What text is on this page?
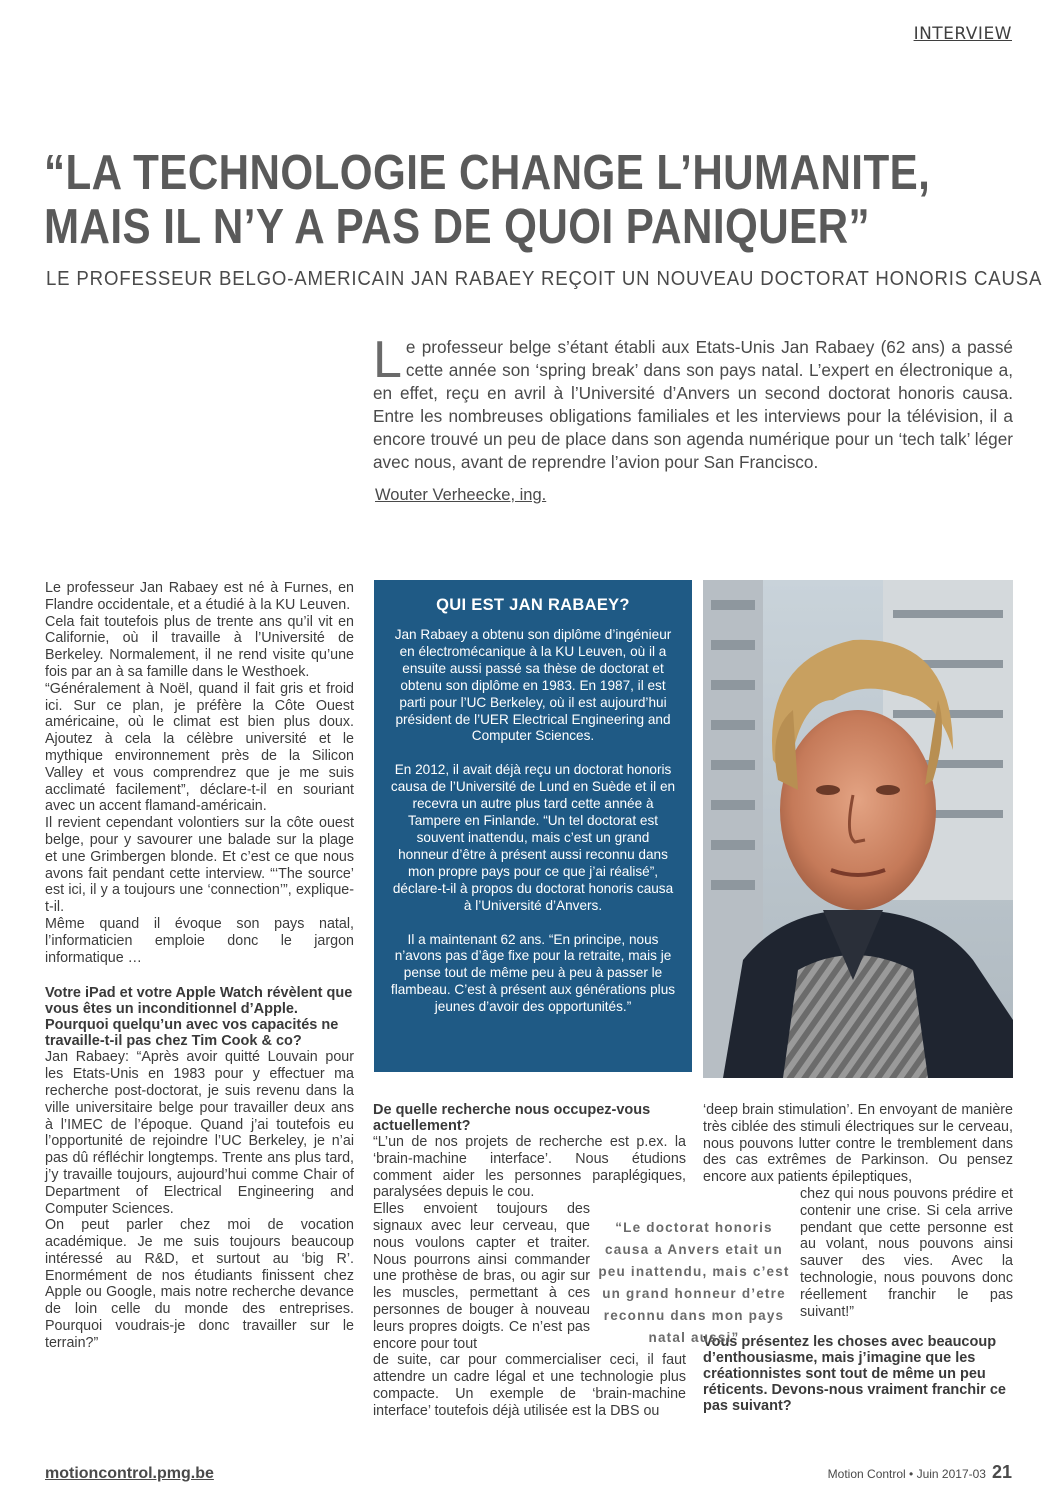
INTERVIEW
“LA TECHNOLOGIE CHANGE L’HUMANITE,
MAIS IL N’Y A PAS DE QUOI PANIQUER”
LE PROFESSEUR BELGO-AMERICAIN JAN RABAEY REÇOIT UN NOUVEAU DOCTORAT HONORIS CAUSA
Le professeur belge s’étant établi aux Etats-Unis Jan Rabaey (62 ans) a passé cette année son ‘spring break’ dans son pays natal. L’expert en électronique a, en effet, reçu en avril à l’Université d’Anvers un second doctorat honoris causa. Entre les nombreuses obligations familiales et les interviews pour la télévision, il a encore trouvé un peu de place dans son agenda numérique pour un ‘tech talk’ léger avec nous, avant de reprendre l’avion pour San Francisco.
Wouter Verheecke, ing.

Le professeur Jan Rabaey est né à Furnes, en Flandre occidentale, et a étudié à la KU Leuven.

Cela fait toutefois plus de trente ans qu’il vit en Californie, où il travaille à l’Université de Berkeley. Normalement, il ne rend visite qu’une fois par an à sa famille dans le Westhoek.

“Généralement à Noël, quand il fait gris et froid ici. Sur ce plan, je préfère la Côte Ouest américaine, où le climat est bien plus doux. Ajoutez à cela la célèbre université et le mythique environnement près de la Silicon Valley et vous comprendrez que je me suis acclimaté facilement”, déclare-t-il en souriant avec un accent flamand-américain.

Il revient cependant volontiers sur la côte ouest belge, pour y savourer une balade sur la plage et une Grimbergen blonde. Et c’est ce que nous avons fait pendant cette interview. “‘The source’ est ici, il y a toujours une ‘connection’”, explique-t-il.

Même quand il évoque son pays natal, l’informaticien emploie donc le jargon informatique …

Votre iPad et votre Apple Watch révèlent que vous êtes un inconditionnel d’Apple. Pourquoi quelqu’un avec vos capacités ne travaille-t-il pas chez Tim Cook & co?

Jan Rabaey: “Après avoir quitté Louvain pour les Etats-Unis en 1983 pour y effectuer ma recherche post-doctorat, je suis revenu dans la ville universitaire belge pour travailler deux ans à l’IMEC de l’époque. Quand j’ai toutefois eu l’opportunité de rejoindre l’UC Berkeley, je n’ai pas dû réfléchir longtemps. Trente ans plus tard, j’y travaille toujours, aujourd’hui comme Chair of Department of Electrical Engineering and Computer Sciences.

On peut parler chez moi de vocation académique. Je me suis toujours beaucoup intéressé au R&D, et surtout au ‘big R’. Enormément de nos étudiants finissent chez Apple ou Google, mais notre recherche devance de loin celle du monde des entreprises. Pourquoi voudrais-je donc travailler sur le terrain?”

QUI EST JAN RABAEY?

Jan Rabaey a obtenu son diplôme d’ingénieur en électromécanique à la KU Leuven, où il a ensuite aussi passé sa thèse de doctorat et obtenu son diplôme en 1983. En 1987, il est parti pour l’UC Berkeley, où il est aujourd’hui président de l’UER Electrical Engineering and Computer Sciences.

En 2012, il avait déjà reçu un doctorat honoris causa de l’Université de Lund en Suède et il en recevra un autre plus tard cette année à Tampere en Finlande. “Un tel doctorat est souvent inattendu, mais c’est un grand honneur d’être à présent aussi reconnu dans mon propre pays pour ce que j’ai réalisé”, déclare-t-il à propos du doctorat honoris causa à l’Université d’Anvers.

Il a maintenant 62 ans. “En principe, nous n’avons pas d’âge fixe pour la retraite, mais je pense tout de même peu à peu à passer le flambeau. C’est à présent aux générations plus jeunes d’avoir des opportunités.”

De quelle recherche nous occupez-vous actuellement?

“L’un de nos projets de recherche est p.ex. la ‘brain-machine interface’. Nous étudions comment aider les personnes paraplégiques, paralysées depuis le cou.

Elles envoient toujours des signaux avec leur cerveau, que nous voulons capter et traiter. Nous pourrons ainsi commander une prothèse de bras, ou agir sur les muscles, permettant à ces personnes de bouger à nouveau leurs propres doigts. Ce n’est pas encore pour tout

de suite, car pour commercialiser ceci, il faut attendre un cadre légal et une technologie plus compacte. Un exemple de ‘brain-machine interface’ toutefois déjà utilisée est la DBS ou

‘deep brain stimulation’. En envoyant de manière très ciblée des stimuli électriques sur le cerveau, nous pouvons lutter contre le tremblement dans des cas extrêmes de Parkinson. Ou pensez encore aux patients épileptiques,

chez qui nous pouvons prédire et contenir une crise. Si cela arrive pendant que cette personne est au volant, nous pouvons ainsi sauver des vies. Avec la technologie, nous pouvons donc réellement franchir le pas suivant!”

Vous présentez les choses avec beaucoup d’enthousiasme, mais j’imagine que les créationnistes sont tout de même un peu réticents. Devons-nous vraiment franchir ce pas suivant?
“Le doctorat honoris causa a Anvers etait un peu inattendu, mais c’est un grand honneur d’etre reconnu dans mon pays natal aussi”
motioncontrol.pmg.be	Motion Control • Juin 2017-03 21
